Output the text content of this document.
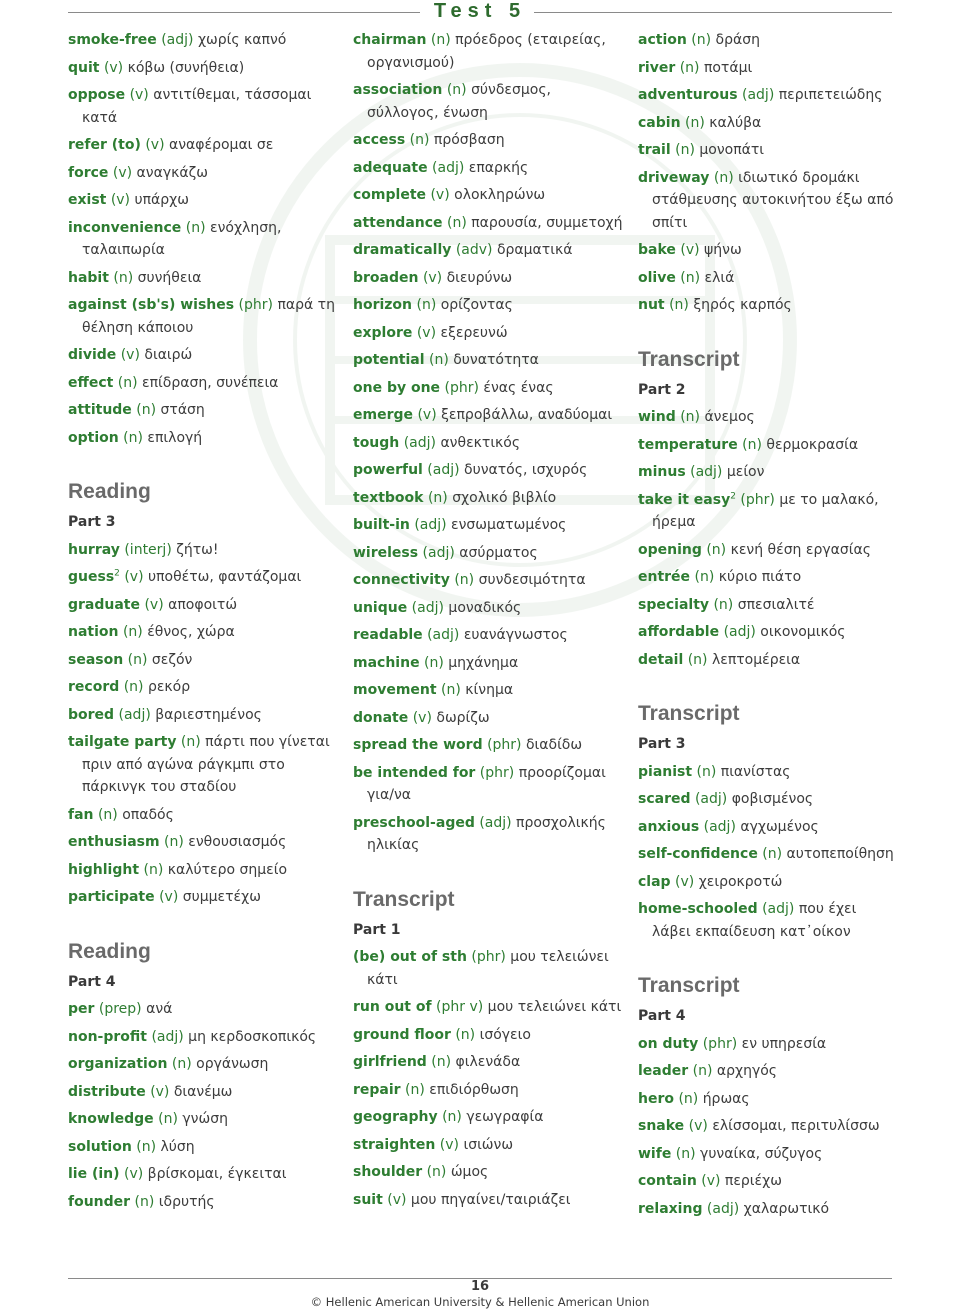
Test 5
smoke-free (adj) χωρίς καπνό
quit (v) κόβω (συνήθεια)
oppose (v) αντιτίθεμαι, τάσσομαι κατά
refer (to) (v) αναφέρομαι σε
force (v) αναγκάζω
exist (v) υπάρχω
inconvenience (n) ενόχληση, ταλαιπωρία
habit (n) συνήθεια
against (sb's) wishes (phr) παρά τη θέληση κάποιου
divide (v) διαιρώ
effect (n) επίδραση, συνέπεια
attitude (n) στάση
option (n) επιλογή
Reading
Part 3
hurray (interj) ζήτω!
guess$^2$ (v) υποθέτω, φαντάζομαι
graduate (v) αποφοιτώ
nation (n) έθνος, χώρα
season (n) σεζόν
record (n) ρεκόρ
bored (adj) βαριεστημένος
tailgate party (n) πάρτι που γίνεται πριν από αγώνα ράγκμπι στο πάρκινγκ του σταδίου
fan (n) οπαδός
enthusiasm (n) ενθουσιασμός
highlight (n) καλύτερο σημείο
participate (v) συμμετέχω
Reading
Part 4
per (prep) ανά
non-profit (adj) μη κερδοσκοπικός
organization (n) οργάνωση
distribute (v) διανέμω
knowledge (n) γνώση
solution (n) λύση
lie (in) (v) βρίσκομαι, έγκειται
founder (n) ιδρυτής
chairman (n) πρόεδρος (εταιρείας, οργανισμού)
association (n) σύνδεσμος, σύλλογος, ένωση
access (n) πρόσβαση
adequate (adj) επαρκής
complete (v) ολοκληρώνω
attendance (n) παρουσία, συμμετοχή
dramatically (adv) δραματικά
broaden (v) διευρύνω
horizon (n) ορίζοντας
explore (v) εξερευνώ
potential (n) δυνατότητα
one by one (phr) ένας ένας
emerge (v) ξεπροβάλλω, αναδύομαι
tough (adj) ανθεκτικός
powerful (adj) δυνατός, ισχυρός
textbook (n) σχολικό βιβλίο
built-in (adj) ενσωματωμένος
wireless (adj) ασύρματος
connectivity (n) συνδεσιμότητα
unique (adj) μοναδικός
readable (adj) ευανάγνωστος
machine (n) μηχάνημα
movement (n) κίνημα
donate (v) δωρίζω
spread the word (phr) διαδίδω
be intended for (phr) προορίζομαι για/να
preschool-aged (adj) προσχολικής ηλικίας
Transcript
Part 1
(be) out of sth (phr) μου τελειώνει κάτι
run out of (phr v) μου τελειώνει κάτι
ground floor (n) ισόγειο
girlfriend (n) φιλενάδα
repair (n) επιδιόρθωση
geography (n) γεωγραφία
straighten (v) ισιώνω
shoulder (n) ώμος
suit (v) μου πηγαίνει/ταιριάζει
action (n) δράση
river (n) ποτάμι
adventurous (adj) περιπετειώδης
cabin (n) καλύβα
trail (n) μονοπάτι
driveway (n) ιδιωτικό δρομάκι στάθμευσης αυτοκινήτου έξω από σπίτι
bake (v) ψήνω
olive (n) ελιά
nut (n) ξηρός καρπός
Transcript
Part 2
wind (n) άνεμος
temperature (n) θερμοκρασία
minus (adj) μείον
take it easy$^2$ (phr) με το μαλακό, ήρεμα
opening (n) κενή θέση εργασίας
entrée (n) κύριο πιάτο
specialty (n) σπεσιαλιτέ
affordable (adj) οικονομικός
detail (n) λεπτομέρεια
Transcript
Part 3
pianist (n) πιανίστας
scared (adj) φοβισμένος
anxious (adj) αγχωμένος
self-confidence (n) αυτοπεποίθηση
clap (v) χειροκροτώ
home-schooled (adj) που έχει λάβει εκπαίδευση κατ᾽οίκον
Transcript
Part 4
on duty (phr) εν υπηρεσία
leader (n) αρχηγός
hero (n) ήρωας
snake (v) ελίσσομαι, περιτυλίσσω
wife (n) γυναίκα, σύζυγος
contain (v) περιέχω
relaxing (adj) χαλαρωτικό
16
© Hellenic American University & Hellenic American Union
